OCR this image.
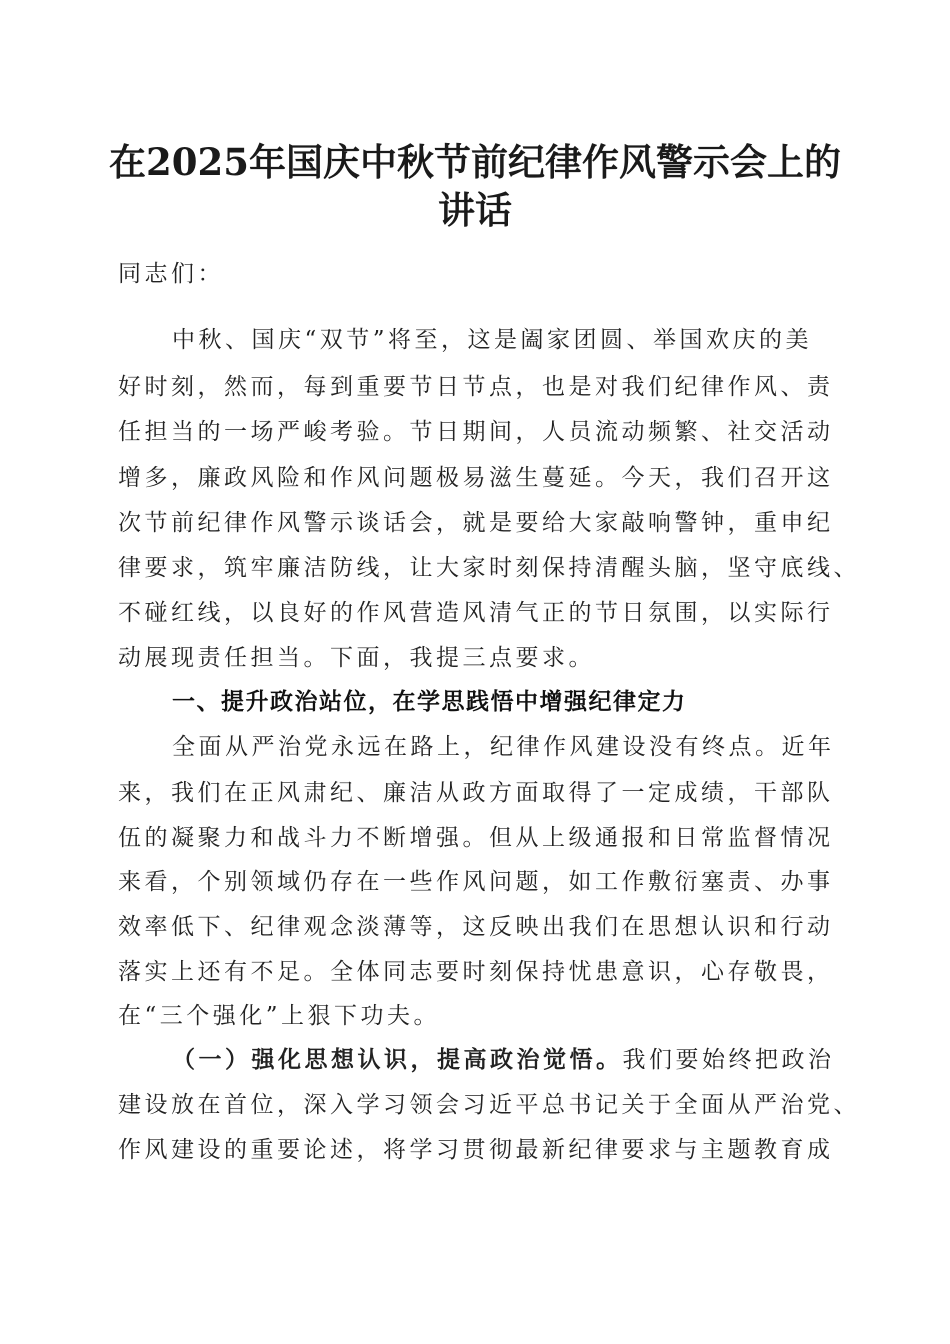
在2025年国庆中秋节前纪律作风警示会上的
讲话
同志们：
中秋、国庆“双节”将至，这是阖家团圆、举国欢庆的美
好时刻，然而，每到重要节日节点，也是对我们纪律作风、责
任担当的一场严峻考验。节日期间，人员流动频繁、社交活动
增多，廉政风险和作风问题极易滋生蔓延。今天，我们召开这
次节前纪律作风警示谈话会，就是要给大家敲响警钟，重申纪
律要求，筑牢廉洁防线，让大家时刻保持清醒头脑，坚守底线、
不碰红线，以良好的作风营造风清气正的节日氛围，以实际行
动展现责任担当。下面，我提三点要求。
一、提升政治站位，在学思践悟中增强纪律定力
全面从严治党永远在路上，纪律作风建设没有终点。近年
来，我们在正风肃纪、廉洁从政方面取得了一定成绩，干部队
伍的凝聚力和战斗力不断增强。但从上级通报和日常监督情况
来看，个别领域仍存在一些作风问题，如工作敷衍塞责、办事
效率低下、纪律观念淡薄等，这反映出我们在思想认识和行动
落实上还有不足。全体同志要时刻保持忧患意识，心存敬畏，
在“三个强化”上狠下功夫。
（一）强化思想认识，提高政治觉悟。我们要始终把政治
建设放在首位，深入学习领会习近平总书记关于全面从严治党、
作风建设的重要论述，将学习贯彻最新纪律要求与主题教育成
